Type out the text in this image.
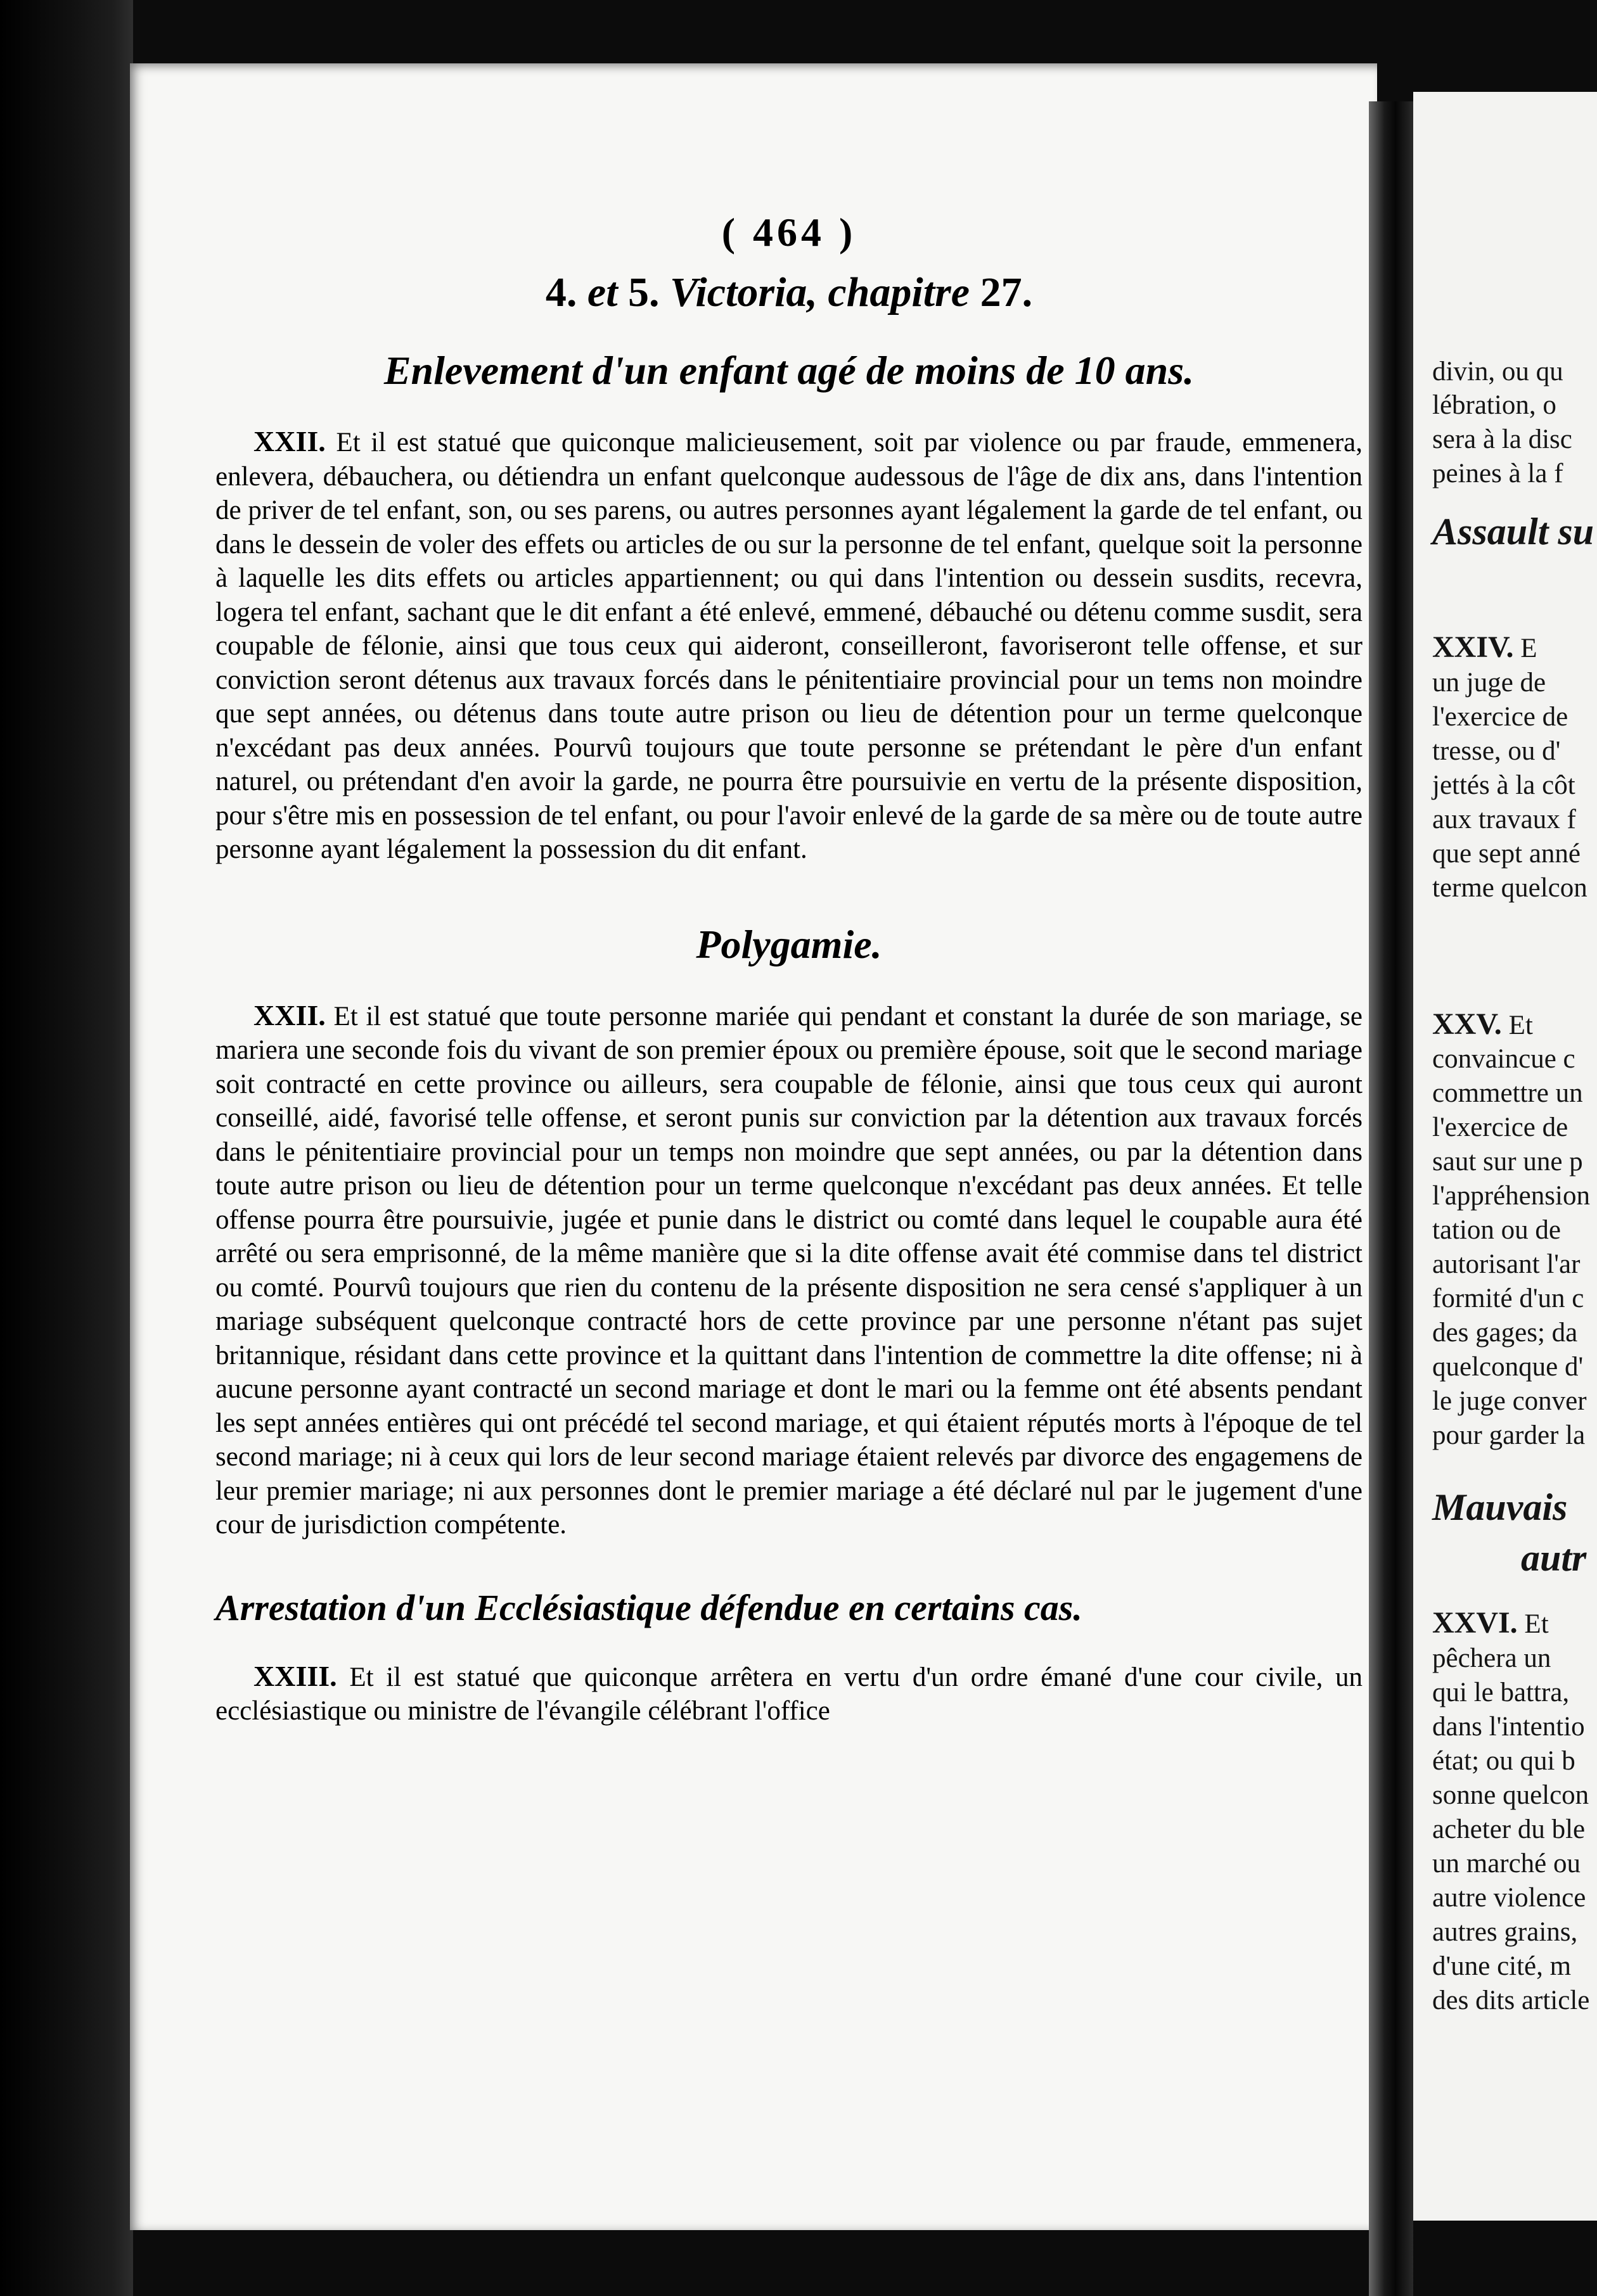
( 464 )
4. et 5. Victoria, chapitre 27.
Enlevement d'un enfant agé de moins de 10 ans.

XXII. Et il est statué que quiconque malicieusement, soit par violence ou par fraude, emmenera, enlevera, débauchera, ou détiendra un enfant quelconque audessous de l'âge de dix ans, dans l'intention de priver de tel enfant, son, ou ses parens, ou autres personnes ayant légalement la garde de tel enfant, ou dans le dessein de voler des effets ou articles de ou sur la personne de tel enfant, quelque soit la personne à laquelle les dits effets ou articles appartiennent; ou qui dans l'intention ou dessein susdits, recevra, logera tel enfant, sachant que le dit enfant a été enlevé, emmené, débauché ou détenu comme susdit, sera coupable de félonie, ainsi que tous ceux qui aideront, conseilleront, favoriseront telle offense, et sur conviction seront détenus aux travaux forcés dans le pénitentiaire provincial pour un tems non moindre que sept années, ou détenus dans toute autre prison ou lieu de détention pour un terme quelconque n'excédant pas deux années. Pourvû toujours que toute personne se prétendant le père d'un enfant naturel, ou prétendant d'en avoir la garde, ne pourra être poursuivie en vertu de la présente disposition, pour s'être mis en possession de tel enfant, ou pour l'avoir enlevé de la garde de sa mère ou de toute autre personne ayant légalement la possession du dit enfant.

Polygamie.

XXII. Et il est statué que toute personne mariée qui pendant et constant la durée de son mariage, se mariera une seconde fois du vivant de son premier époux ou première épouse, soit que le second mariage soit contracté en cette province ou ailleurs, sera coupable de félonie, ainsi que tous ceux qui auront conseillé, aidé, favorisé telle offense, et seront punis sur conviction par la détention aux travaux forcés dans le pénitentiaire provincial pour un temps non moindre que sept années, ou par la détention dans toute autre prison ou lieu de détention pour un terme quelconque n'excédant pas deux années. Et telle offense pourra être poursuivie, jugée et punie dans le district ou comté dans lequel le coupable aura été arrêté ou sera emprisonné, de la même manière que si la dite offense avait été commise dans tel district ou comté. Pourvû toujours que rien du contenu de la présente disposition ne sera censé s'appliquer à un mariage subséquent quelconque contracté hors de cette province par une personne n'étant pas sujet britannique, résidant dans cette province et la quittant dans l'intention de commettre la dite offense; ni à aucune personne ayant contracté un second mariage et dont le mari ou la femme ont été absents pendant les sept années entières qui ont précédé tel second mariage, et qui étaient réputés morts à l'époque de tel second mariage; ni à ceux qui lors de leur second mariage étaient relevés par divorce des engagemens de leur premier mariage; ni aux personnes dont le premier mariage a été déclaré nul par le jugement d'une cour de jurisdiction compétente.

Arrestation d'un Ecclésiastique défendue en certains cas.

XXIII. Et il est statué que quiconque arrêtera en vertu d'un ordre émané d'une cour civile, un ecclésiastique ou ministre de l'évangile célébrant l'office

divin, ou qu
lébration, o
sera à la disc
peines à la f
Assault su
XXIV. E
un juge de
l'exercice de
tresse, ou d'
jettés à la côt
aux travaux f
que sept anné
terme quelcon
XXV. Et
convaincue c
commettre un
l'exercice de
saut sur une p
l'appréhension
tation ou de
autorisant l'ar
formité d'un c
des gages; da
quelconque d'
le juge conver
pour garder la
Mauvais
autr
XXVI. Et
pêchera un
qui le battra,
dans l'intentio
état; ou qui b
sonne quelcon
acheter du ble
un marché ou
autre violence
autres grains,
d'une cité, m
des dits article
